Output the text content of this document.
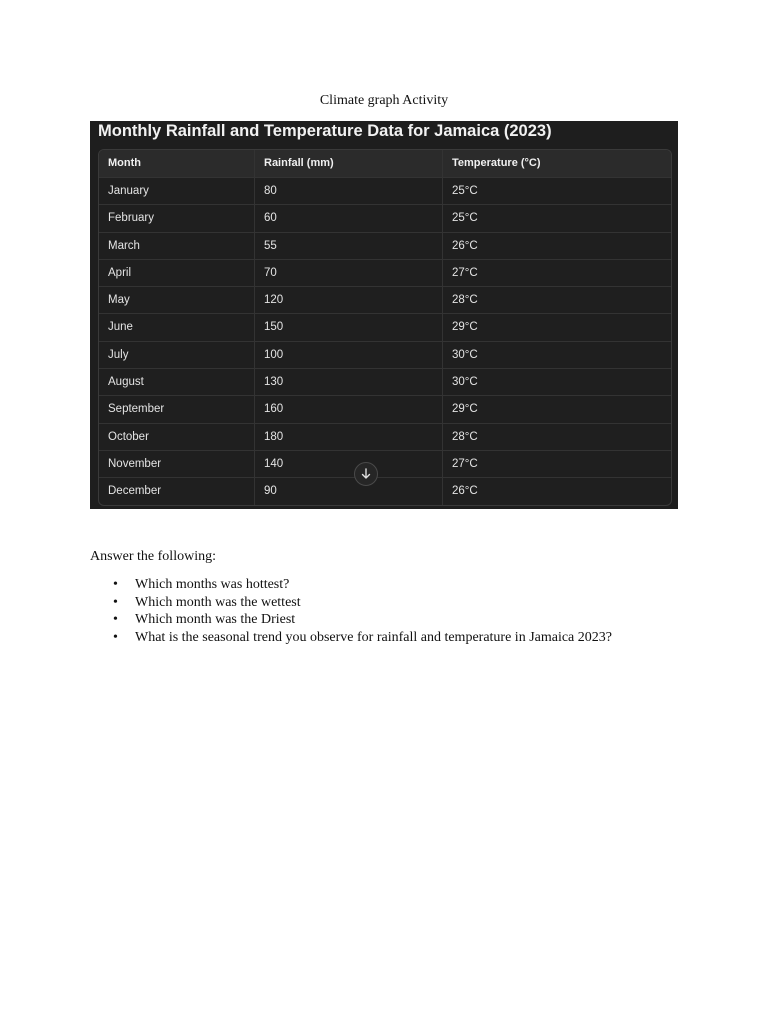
Climate graph Activity
Monthly Rainfall and Temperature Data for Jamaica (2023)
Month	Rainfall (mm)	Temperature (°C)
January	80	25°C
February	60	25°C
March	55	26°C
April	70	27°C
May	120	28°C
June	150	29°C
July	100	30°C
August	130	30°C
September	160	29°C
October	180	28°C
November	140	27°C
December	90	26°C
Answer the following:
• Which months was hottest?
• Which month was the wettest
• Which month was the Driest
• What is the seasonal trend you observe for rainfall and temperature in Jamaica 2023?
